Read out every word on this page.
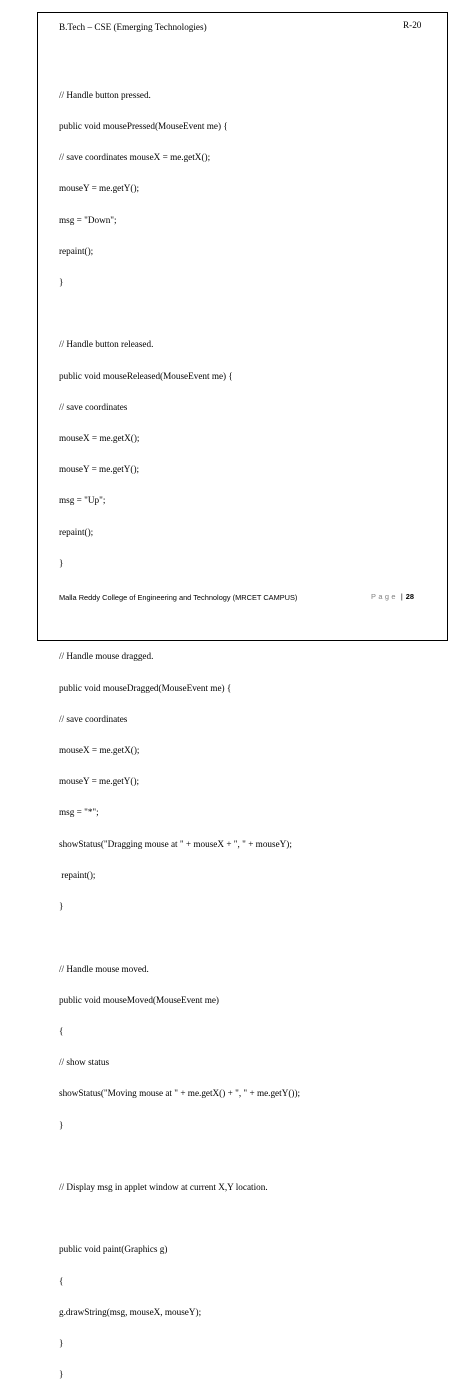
B.Tech – CSE (Emerging Technologies)	R-20

// Handle button pressed.

public void mousePressed(MouseEvent me) {

// save coordinates mouseX = me.getX();

mouseY = me.getY();

msg = "Down";

repaint();

}

// Handle button released.

public void mouseReleased(MouseEvent me) {

// save coordinates

mouseX = me.getX();

mouseY = me.getY();

msg = "Up";

repaint();

}

// Handle mouse dragged.

public void mouseDragged(MouseEvent me) {

// save coordinates

mouseX = me.getX();

mouseY = me.getY();

msg = "*";

showStatus("Dragging mouse at " + mouseX + ", " + mouseY);

repaint();

}

// Handle mouse moved.

public void mouseMoved(MouseEvent me)

{

// show status

showStatus("Moving mouse at " + me.getX() + ", " + me.getY());

}

// Display msg in applet window at current X,Y location.

public void paint(Graphics g)

{

g.drawString(msg, mouseX, mouseY);

}

}

Malla Reddy College of Engineering and Technology (MRCET CAMPUS)	Page | 28
